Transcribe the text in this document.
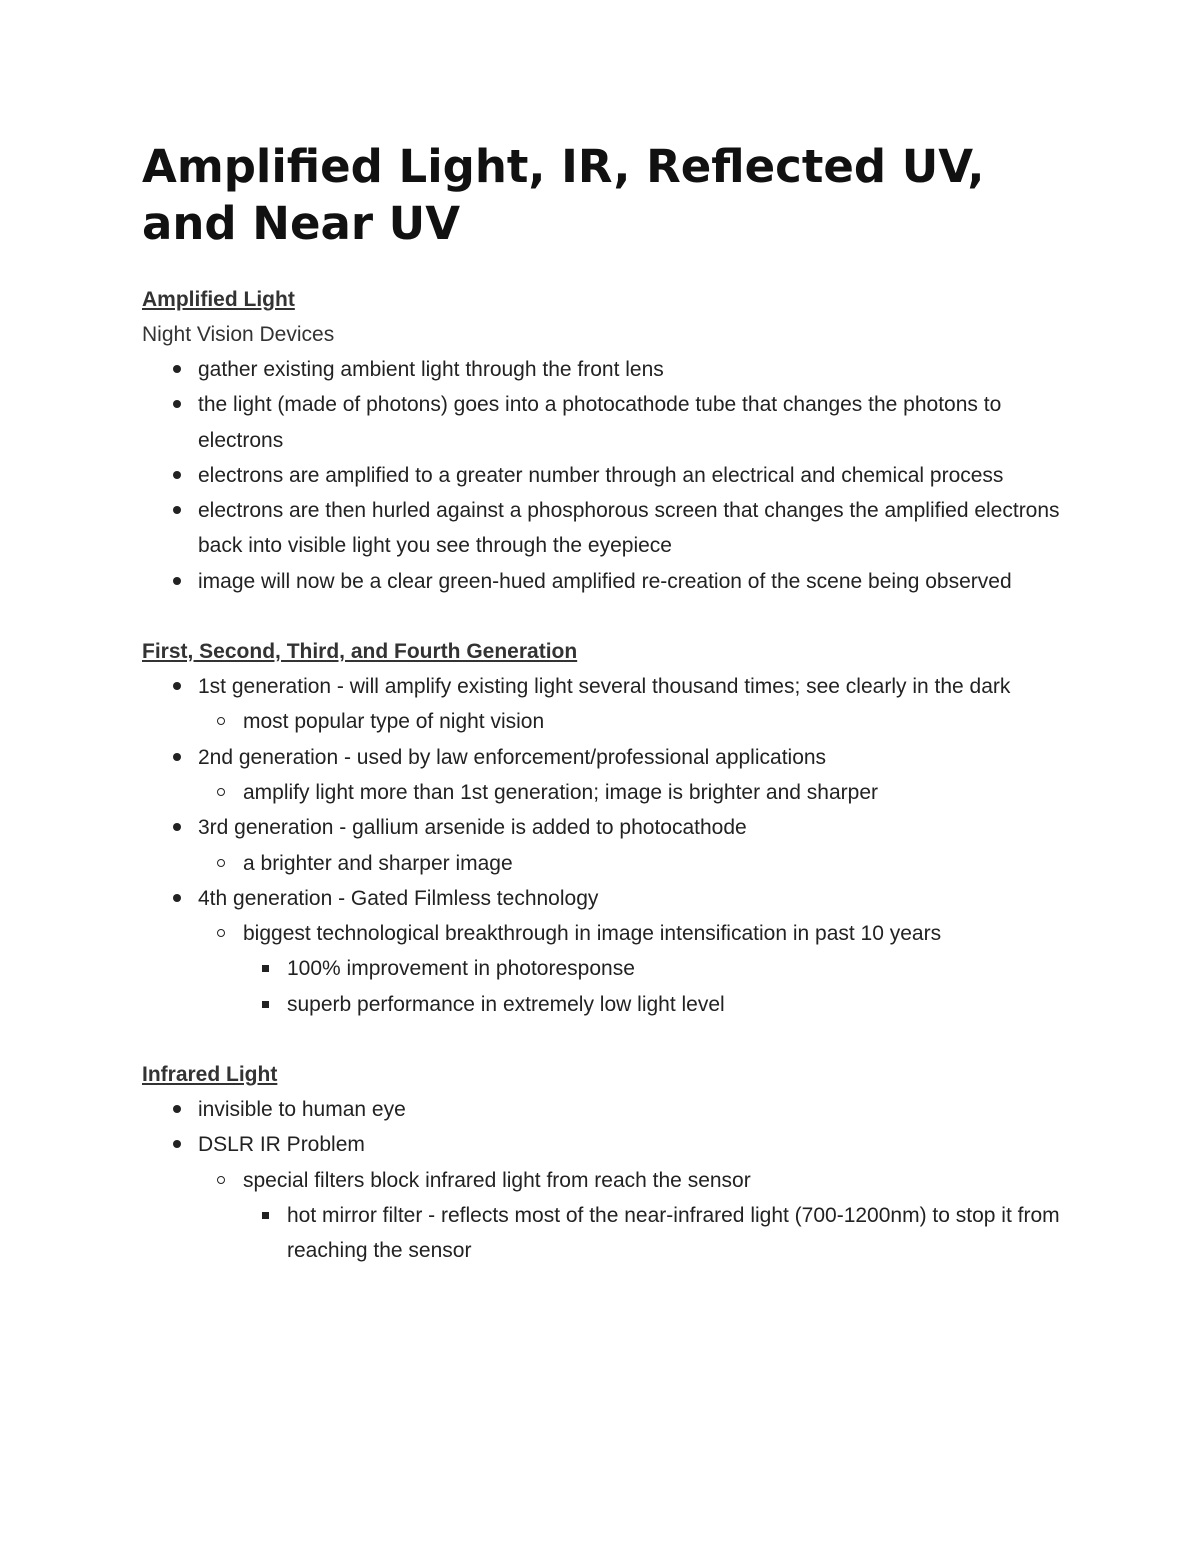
Amplified Light, IR, Reflected UV, and Near UV
Amplified Light
Night Vision Devices
gather existing ambient light through the front lens
the light (made of photons) goes into a photocathode tube that changes the photons to electrons
electrons are amplified to a greater number through an electrical and chemical process
electrons are then hurled against a phosphorous screen that changes the amplified electrons back into visible light you see through the eyepiece
image will now be a clear green-hued amplified re-creation of the scene being observed
First, Second, Third, and Fourth Generation
1st generation - will amplify existing light several thousand times; see clearly in the dark
most popular type of night vision
2nd generation - used by law enforcement/professional applications
amplify light more than 1st generation; image is brighter and sharper
3rd generation - gallium arsenide is added to photocathode
a brighter and sharper image
4th generation - Gated Filmless technology
biggest technological breakthrough in image intensification in past 10 years
100% improvement in photoresponse
superb performance in extremely low light level
Infrared Light
invisible to human eye
DSLR IR Problem
special filters block infrared light from reach the sensor
hot mirror filter - reflects most of the near-infrared light (700-1200nm) to stop it from reaching the sensor
